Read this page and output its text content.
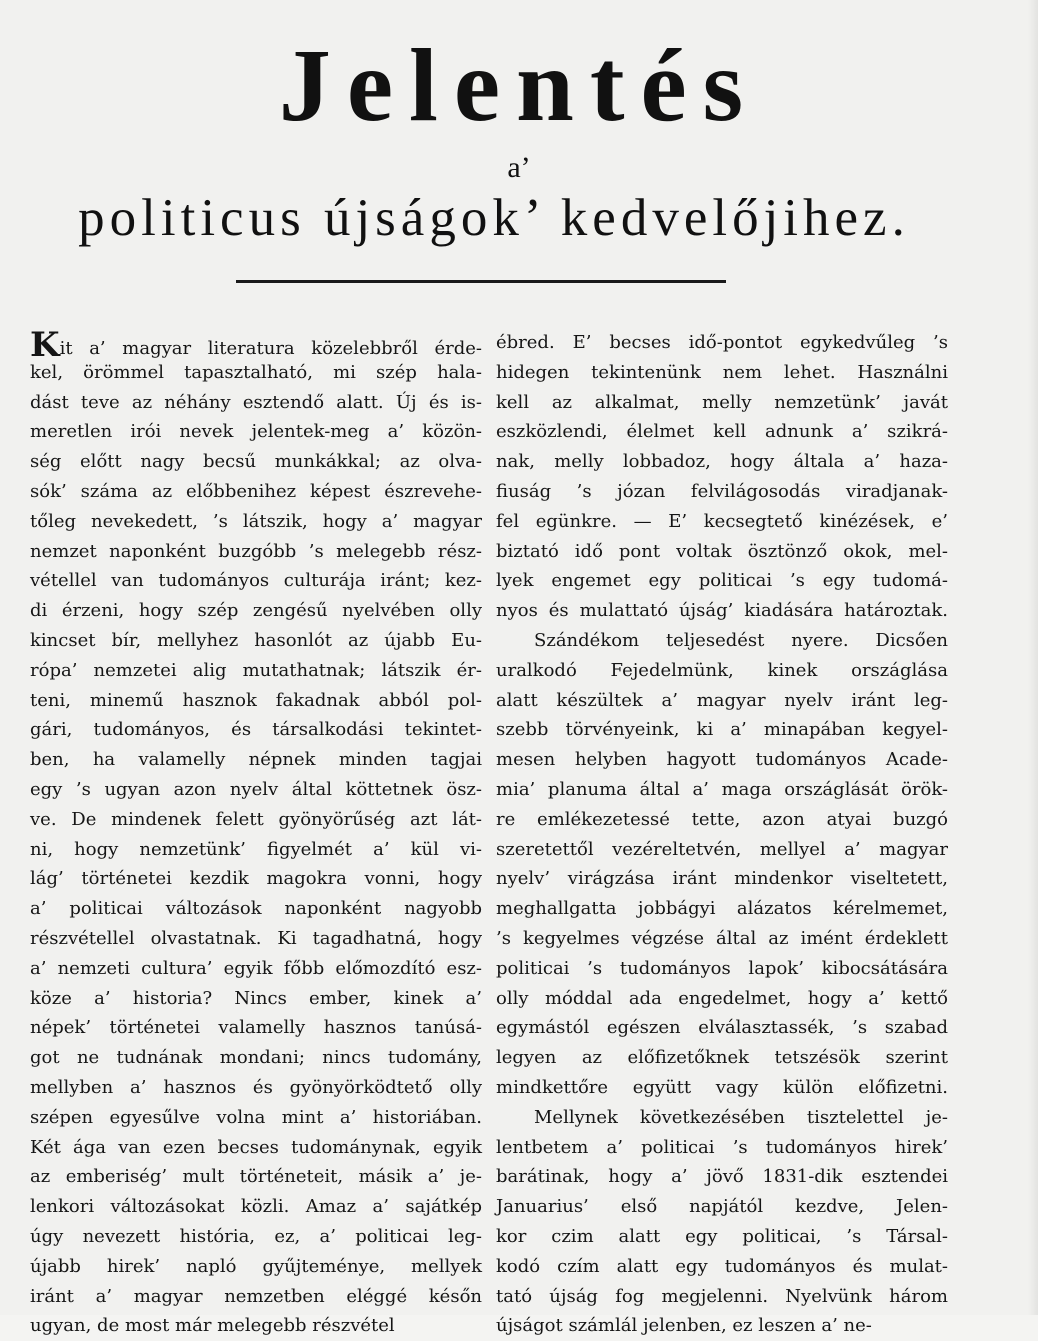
Jelentés
a’
politicus újságok’ kedvelőjihez.
Kit a’ magyar literatura közelebbről érde-
kel, örömmel tapasztalható, mi szép hala-
dást teve az néhány esztendő alatt. Új és is-
meretlen irói nevek jelentek-meg a’ közön-
ség előtt nagy becsű munkákkal; az olva-
sók’ száma az előbbenihez képest észrevehe-
tőleg nevekedett, ’s látszik, hogy a’ magyar
nemzet naponként buzgóbb ’s melegebb rész-
vétellel van tudományos culturája iránt; kez-
di érzeni, hogy szép zengésű nyelvében olly
kincset bír, mellyhez hasonlót az újabb Eu-
rópa’ nemzetei alig mutathatnak; látszik ér-
teni, minemű hasznok fakadnak abból pol-
gári, tudományos, és társalkodási tekintet-
ben, ha valamelly népnek minden tagjai
egy ’s ugyan azon nyelv által köttetnek ösz-
ve. De mindenek felett gyönyörűség azt lát-
ni, hogy nemzetünk’ figyelmét a’ kül vi-
lág’ történetei kezdik magokra vonni, hogy
a’ politicai változások naponként nagyobb
részvétellel olvastatnak. Ki tagadhatná, hogy
a’ nemzeti cultura’ egyik főbb előmozdító esz-
köze a’ historia? Nincs ember, kinek a’
népek’ történetei valamelly hasznos tanúsá-
got ne tudnának mondani; nincs tudomány,
mellyben a’ hasznos és gyönyörködtető olly
szépen egyesűlve volna mint a’ historiában.
Két ága van ezen becses tudománynak, egyik
az emberiség’ mult történeteit, másik a’ je-
lenkori változásokat közli. Amaz a’ sajátkép
úgy nevezett história, ez, a’ politicai leg-
újabb hirek’ napló gyűjteménye, mellyek
iránt a’ magyar nemzetben eléggé későn
ugyan, de most már melegebb részvétel
ébred. E’ becses idő-pontot egykedvűleg ’s
hidegen tekintenünk nem lehet. Használni
kell az alkalmat, melly nemzetünk’ javát
eszközlendi, élelmet kell adnunk a’ szikrá-
nak, melly lobbadoz, hogy általa a’ haza-
fiuság ’s józan felvilágosodás viradjanak-
fel egünkre. — E’ kecsegtető kinézések, e’
biztató idő pont voltak ösztönző okok, mel-
lyek engemet egy politicai ’s egy tudomá-
nyos és mulattató újság’ kiadására határoztak.
Szándékom teljesedést nyere. Dicsően
uralkodó Fejedelmünk, kinek országlása
alatt készültek a’ magyar nyelv iránt leg-
szebb törvényeink, ki a’ minapában kegyel-
mesen helyben hagyott tudományos Acade-
mia’ planuma által a’ maga országlását örök-
re emlékezetessé tette, azon atyai buzgó
szeretettől vezéreltetvén, mellyel a’ magyar
nyelv’ virágzása iránt mindenkor viseltetett,
meghallgatta jobbágyi alázatos kérelmemet,
’s kegyelmes végzése által az imént érdeklett
politicai ’s tudományos lapok’ kibocsátására
olly móddal ada engedelmet, hogy a’ kettő
egymástól egészen elválasztassék, ’s szabad
legyen az előfizetőknek tetszésök szerint
mindkettőre együtt vagy külön előfizetni.
Mellynek következésében tisztelettel je-
lentbetem a’ politicai ’s tudományos hirek’
barátinak, hogy a’ jövő 1831-dik esztendei
Januarius’ első napjától kezdve, Jelen-
kor czim alatt egy politicai, ’s Társal-
kodó czím alatt egy tudományos és mulat-
tató újság fog megjelenni. Nyelvünk három
újságot számlál jelenben, ez leszen a’ ne-
